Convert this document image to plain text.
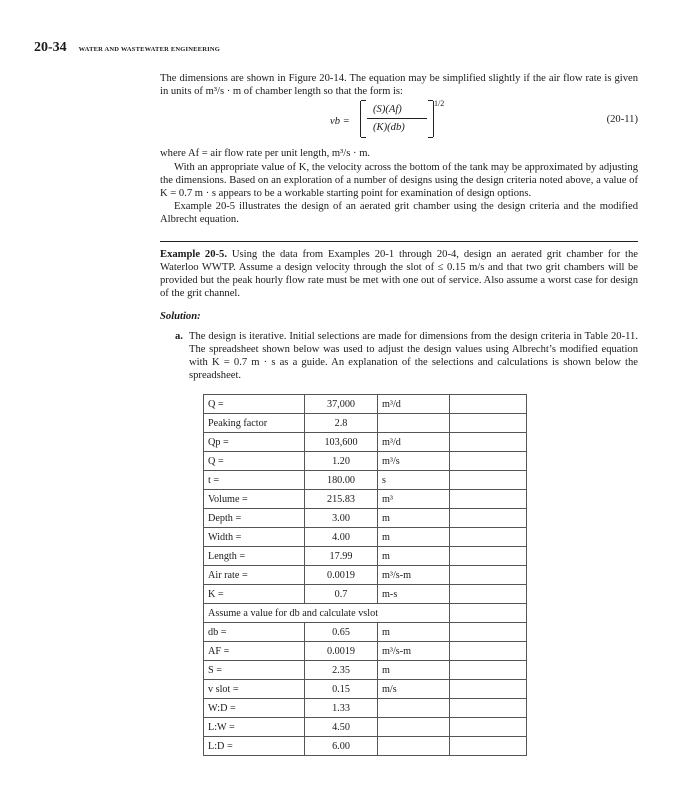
20-34 WATER AND WASTEWATER ENGINEERING

The dimensions are shown in Figure 20-14. The equation may be simplified slightly if the air flow rate is given in units of m³/s · m of chamber length so that the form is:

vb =
(S)(Af)
(K)(db)
1/2
(20-11)

where Af = air flow rate per unit length, m³/s · m.

With an appropriate value of K, the velocity across the bottom of the tank may be approximated by adjusting the dimensions. Based on an exploration of a number of designs using the design criteria noted above, a value of K = 0.7 m · s appears to be a workable starting point for examination of design options.

Example 20-5 illustrates the design of an aerated grit chamber using the design criteria and the modified Albrecht equation.

Example 20-5. Using the data from Examples 20-1 through 20-4, design an aerated grit chamber for the Waterloo WWTP. Assume a design velocity through the slot of ≤ 0.15 m/s and that two grit chambers will be provided but the peak hourly flow rate must be met with one out of service. Also assume a worst case for design of the grit channel.

Solution:
a. The design is iterative. Initial selections are made for dimensions from the design criteria in Table 20-11. The spreadsheet shown below was used to adjust the design values using Albrecht’s modified equation with K = 0.7 m · s as a guide. An explanation of the selections and calculations is shown below the spreadsheet.
Q =	37,000	m³/d	
Peaking factor	2.8		
Qp =	103,600	m³/d	
Q =	1.20	m³/s	
t =	180.00	s	
Volume =	215.83	m³	
Depth =	3.00	m	
Width =	4.00	m	
Length =	17.99	m	
Air rate =	0.0019	m³/s-m	
K =	0.7	m-s	
Assume a value for db and calculate vslot			
db =	0.65	m	
AF =	0.0019	m³/s-m	
S =	2.35	m	
v slot =	0.15	m/s	
W:D =	1.33		
L:W =	4.50		
L:D =	6.00		
